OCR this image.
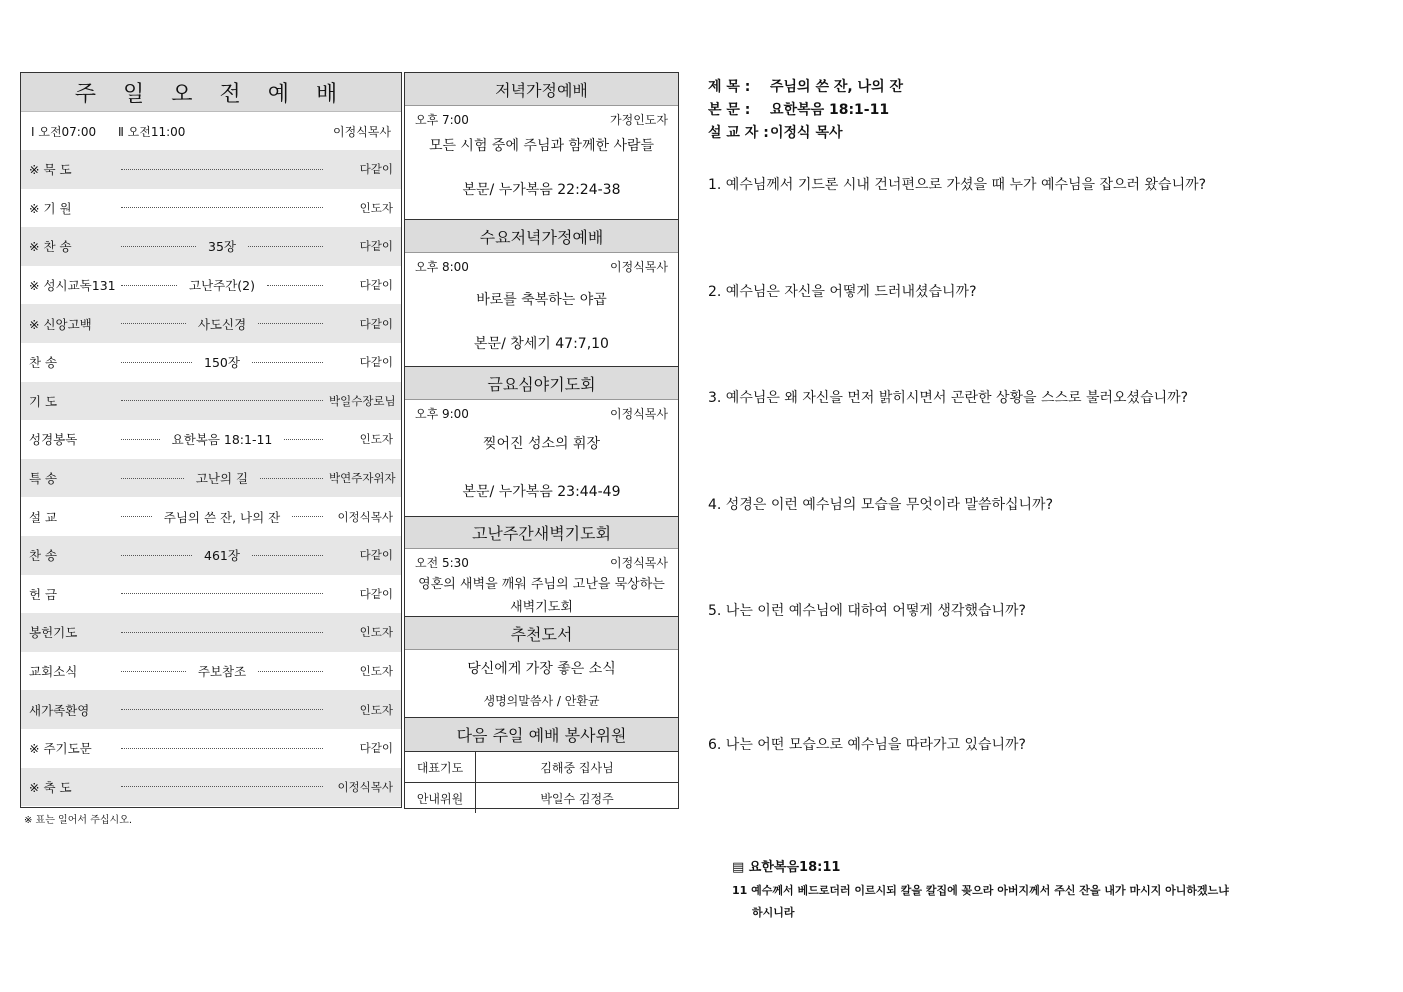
주 일 오 전 예 배
Ⅰ 오전07:00 Ⅱ 오전11:00	이정식목사
※ 묵 도	다같이
※ 기 원	인도자
※ 찬 송	35장	다같이
※ 성시교독131	고난주간(2)	다같이
※ 신앙고백	사도신경	다같이
찬 송	150장	다같이
기 도	박일수장로님
성경봉독	요한복음 18:1-11	인도자
특 송	고난의 길	박연주자위자
설 교	주님의 쓴 잔, 나의 잔	이정식목사
찬 송	461장	다같이
헌 금	다같이
봉헌기도	인도자
교회소식	주보참조	인도자
새가족환영	인도자
※ 주기도문	다같이
※ 축 도	이정식목사
※ 표는 일어서 주십시오.
저녁가정예배
오후 7:00	가정인도자
모든 시험 중에 주님과 함께한 사람들
본문/ 누가복음 22:24-38
수요저녁가정예배
오후 8:00	이정식목사
바로를 축복하는 야곱
본문/ 창세기 47:7,10
금요심야기도회
오후 9:00	이정식목사
찢어진 성소의 휘장
본문/ 누가복음 23:44-49
고난주간새벽기도회
오전 5:30	이정식목사
영혼의 새벽을 깨워 주님의 고난을 묵상하는
새벽기도회
추천도서
당신에게 가장 좋은 소식
생명의말씀사 / 안환균
다음 주일 예배 봉사위원
대표기도	김해중 집사님
안내위원	박일수 김정주
제 목 : 주님의 쓴 잔, 나의 잔
본 문 : 요한복음 18:1-11
설 교 자 :이정식 목사
1. 예수님께서 기드론 시내 건너편으로 가셨을 때 누가 예수님을 잡으러 왔습니까?
2. 예수님은 자신을 어떻게 드러내셨습니까?
3. 예수님은 왜 자신을 먼저 밝히시면서 곤란한 상황을 스스로 불러오셨습니까?
4. 성경은 이런 예수님의 모습을 무엇이라 말씀하십니까?
5. 나는 이런 예수님에 대하여 어떻게 생각했습니까?
6. 나는 어떤 모습으로 예수님을 따라가고 있습니까?
▤ 요한복음18:11
11 예수께서 베드로더러 이르시되 칼을 칼집에 꽂으라 아버지께서 주신 잔을 내가 마시지 아니하겠느냐
하시니라
